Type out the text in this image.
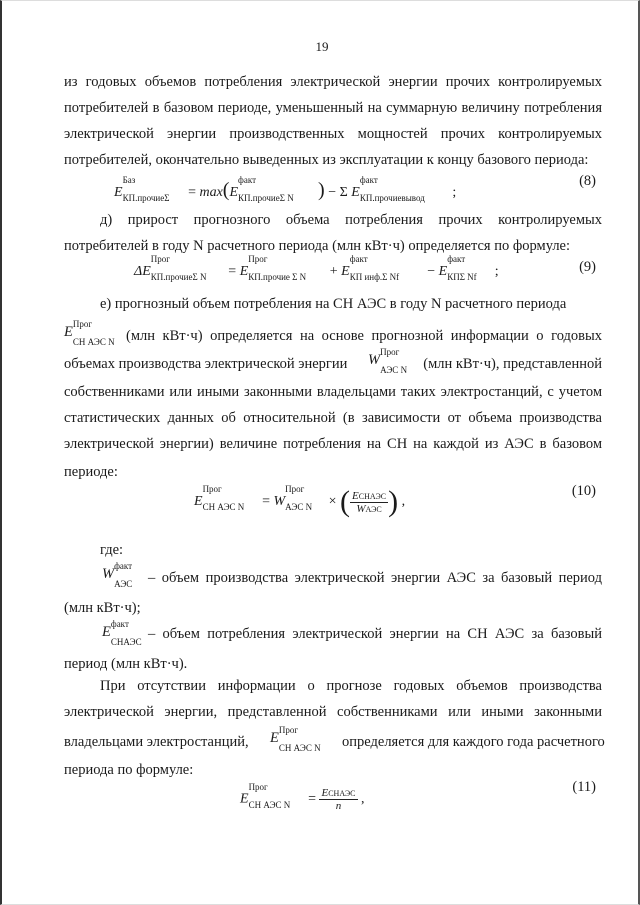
19
из годовых объемов потребления электрической энергии прочих контролируемых
потребителей в базовом периоде, уменьшенный на суммарную величину потребления
электрической энергии производственных мощностей прочих контролируемых
потребителей, окончательно выведенных из эксплуатации к концу базового периода:
E
Баз
КП.прочиеΣ = max(E
факт
КП.прочиеΣ N ) − Σ E
факт
КП.прочиевывод ;
(8)
д) прирост прогнозного объема потребления прочих контролируемых
потребителей в году N расчетного периода (млн кВт·ч) определяется по формуле:
ΔE
Прог
КП.прочиеΣ N = E
Прог
КП.прочие Σ N + E
факт
КП инф.Σ Nf − E
факт
КПΣ Nf ;	(9)
е) прогнозный объем потребления на СН АЭС в году N расчетного периода
E
Прог
СН АЭС N (млн кВт·ч) определяется на основе прогнозной информации о годовых
объемах производства электрической энергии	W
Прог
АЭС N	(млн кВт·ч), представленной
собственниками или иными законными владельцами таких электростанций, с учетом
статистических данных об относительной (в зависимости от объема производства
электрической энергии) величине потребления на СН на каждой из АЭС в базовом
периоде:
E
Прог
СН АЭС N = W
Прог
АЭС N × ( $\frac{\text{EСНАЭС}}{\text{WАЭС}}$ ) ,
(10)
где:
W
факт
АЭС – объем производства электрической энергии АЭС за базовый период
(млн кВт·ч);
E
факт
СНАЭС – объем потребления электрической энергии на СН АЭС за базовый
период (млн кВт·ч).
При отсутствии информации о прогнозе годовых объемов производства
электрической энергии, представленной собственниками или иными законными
владельцами электростанций,	E
Прог
СН АЭС N определяется для каждого года расчетного
периода по формуле:
E
Прог
СН АЭС $N = \frac{\text{EСНАЭС}}{n}$ ,
(11)
